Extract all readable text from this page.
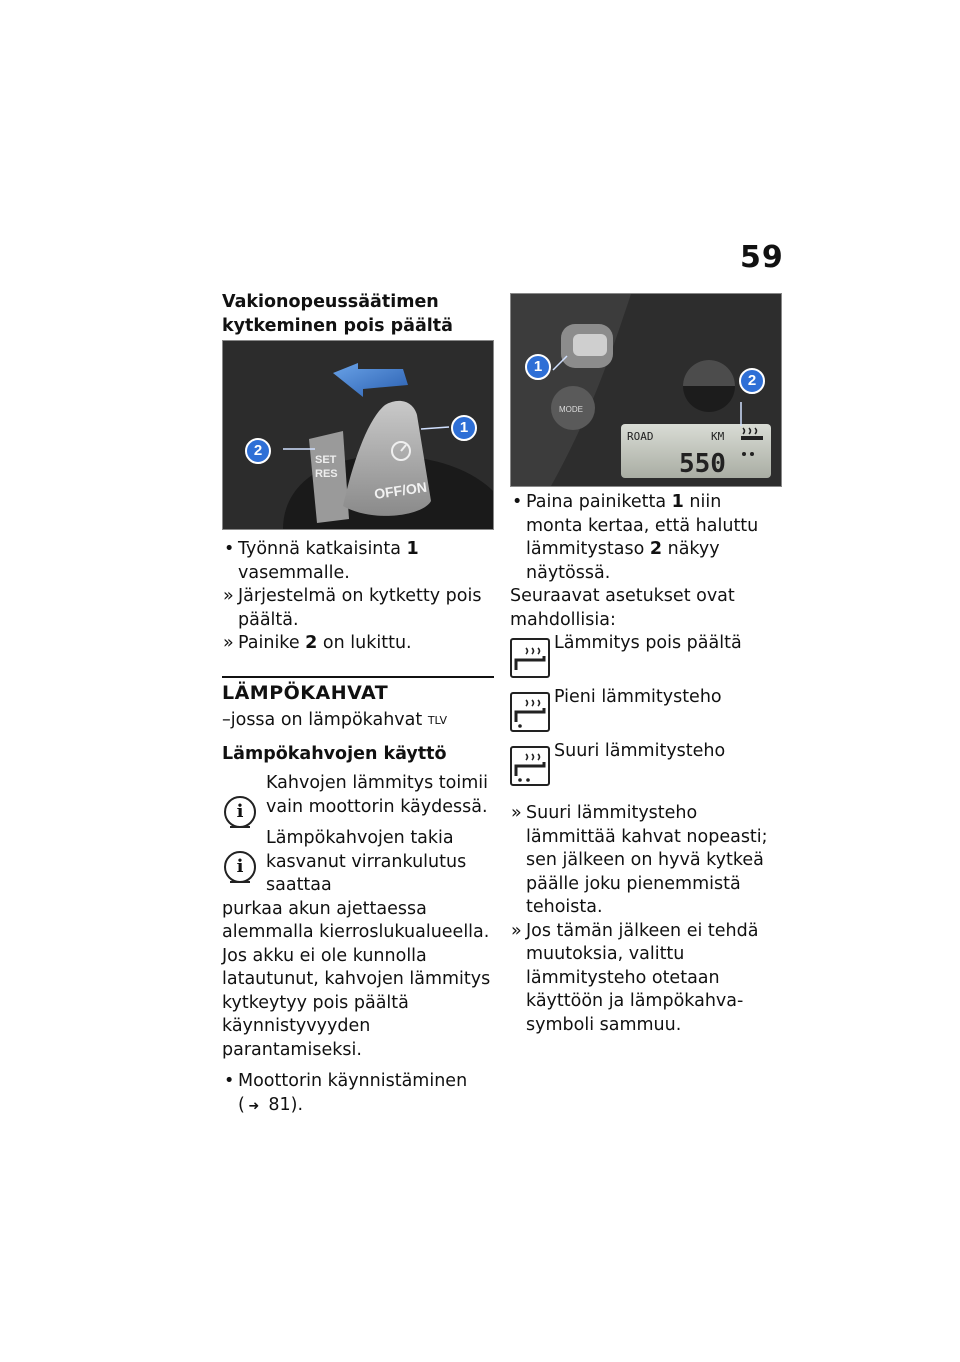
59
Vakionopeussäätimen
kytkeminen pois päältä
SET
RES
OFF/ON
1
2

• Työnnä katkaisinta 1 vasemmalle.

» Järjestelmä on kytketty pois päältä.

» Painike 2 on lukittu.

LÄMPÖKAHVAT
–jossa on lämpökahvat $^{TLV}$
Lämpökahvojen käyttö
i
Kahvojen lämmitys toimii vain moottorin käydessä.
i
Lämpökahvojen takia kasvanut virrankulutus saattaa
purkaa akun ajettaessa alemmalla kierroslukualueella. Jos akku ei ole kunnolla latautunut, kahvojen lämmitys kytkeytyy pois päältä käynnistyvyyden parantamiseksi.

• Moottorin käynnistäminen
( ➜ 81).

MODE
ROAD	KM
550
1
2

• Paina painiketta 1 niin monta kertaa, että haluttu lämmitystaso 2 näkyy näytössä.

Seuraavat asetukset ovat mahdollisia:
Lämmitys pois päältä
Pieni lämmitysteho
Suuri lämmitysteho

» Suuri lämmitysteho lämmittää kahvat nopeasti; sen jälkeen on hyvä kytkeä päälle joku pienemmistä tehoista.

» Jos tämän jälkeen ei tehdä muutoksia, valittu lämmitysteho otetaan käyttöön ja lämpökahva-symboli sammuu.
